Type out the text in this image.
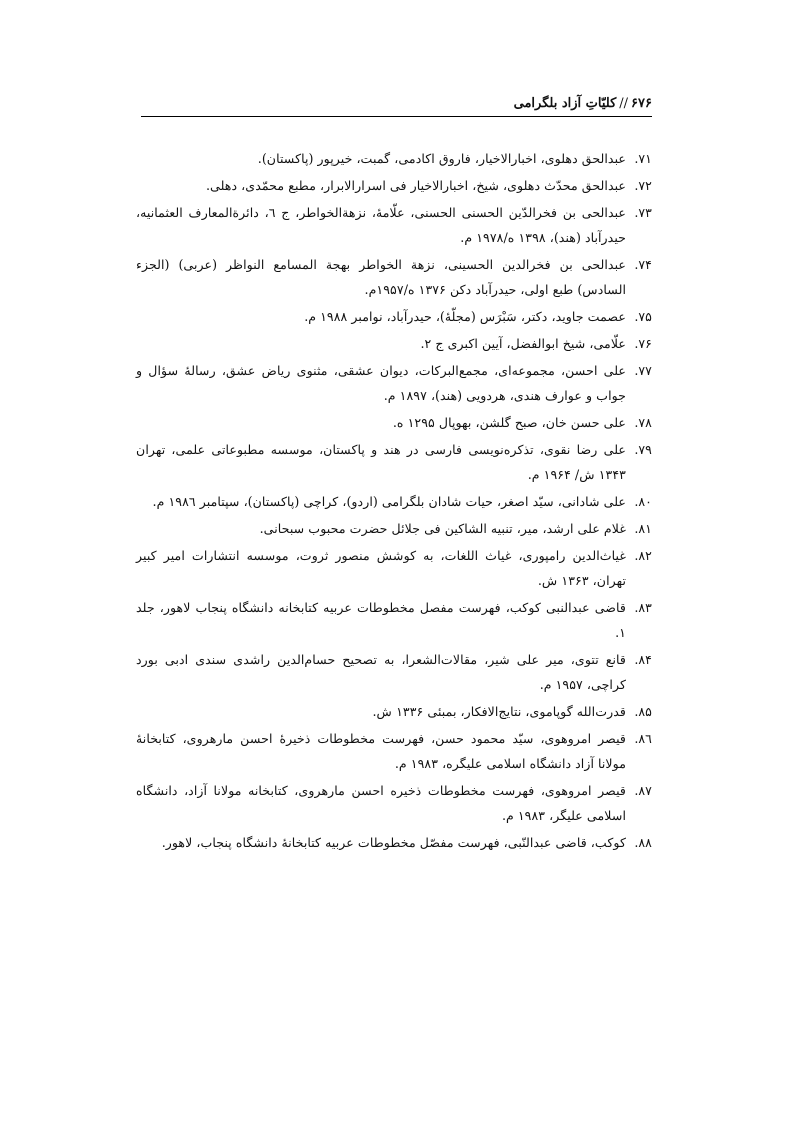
۶۷۶//کلیّاتِ آزاد بلگرامی
۷۱.
عبدالحق دهلوی، اخبارالاخیار، فاروق اکادمی، گمبت، خیرپور (پاکستان).
۷۲.
عبدالحق محدّث دهلوی، شیخ، اخبارالاخیار فی اسرارالابرار، مطبع محمّدی، دهلی.
۷۳.
عبدالحی بن فخرالدّین الحسنی الحسنی، علّامهٔ، نزهةالخواطر، ج ٦، دائرةالمعارف العثمانیه، حیدرآباد (هند)، ۱۳۹۸ ه/۱۹۷۸ م.
۷۴.
عبدالحی بن فخرالدین الحسینی، نزهة الخواطر بهجة المسامع النواظر (عربی) (الجزء السادس) طبع اولی، حیدرآباد دکن ۱۳۷۶ ه/۱۹۵۷م.
۷۵.
عصمت جاوید، دکتر، سَبْرَس (مجلّهٔ)، حیدرآباد، نوامبر ۱۹۸۸ م.
۷۶.
علّامی، شیخ ابوالفضل، آیین اکبری ج ۲.
۷۷.
علی احسن، مجموعه‌ای، مجمع‌البرکات، دیوان عشقی، مثنوی ریاض عشق، رسالهٔ سؤال و جواب و عوارف هندی، هردویی (هند)، ۱۸۹۷ م.
۷۸.
علی حسن خان، صبح گلشن، بهوپال ۱۲۹۵ ه.
۷۹.
علی رضا نقوی، تذکره‌نویسی فارسی در هند و پاکستان، موسسه مطبوعاتی علمی، تهران ۱۳۴۳ ش/ ۱۹۶۴ م.
۸۰.
علی شادانی، سیّد اصغر، حیات شادان بلگرامی (اردو)، کراچی (پاکستان)، سپتامبر ۱۹۸٦ م.
۸۱.
غلام علی ارشد، میر، تنبیه الشاکین فی جلائل حضرت محبوب سبحانی.
۸۲.
غیاث‌الدین رامپوری، غیاث اللغات، به کوشش منصور ثروت، موسسه انتشارات امیر کبیر تهران، ۱۳۶۳ ش.
۸۳.
قاضی عبدالنبی کوکب، فهرست مفصل مخطوطات عربیه کتابخانه دانشگاه پنجاب لاهور، جلد ۱.
۸۴.
قانع تتوی، میر علی شیر، مقالات‌الشعرا، به تصحیح حسام‌الدین راشدی سندی ادبی بورد کراچی، ۱۹۵۷ م.
۸۵.
قدرت‌الله گوپاموی، نتایج‌الافکار، بمبئی ۱۳۳۶ ش.
۸٦.
قیصر امروهوی، سیّد محمود حسن، فهرست مخطوطات ذخیرهٔ احسن مارهروی، کتابخانهٔ مولانا آزاد دانشگاه اسلامی علیگره، ۱۹۸۳ م.
۸۷.
قیصر امروهوی، فهرست مخطوطات ذخیره احسن مارهروی، کتابخانه مولانا آزاد، دانشگاه اسلامی علیگر، ۱۹۸۳ م.
۸۸.
کوکب، قاضی عبدالنّبی، فهرست مفصّل مخطوطات عربیه کتابخانهٔ دانشگاه پنجاب، لاهور.
